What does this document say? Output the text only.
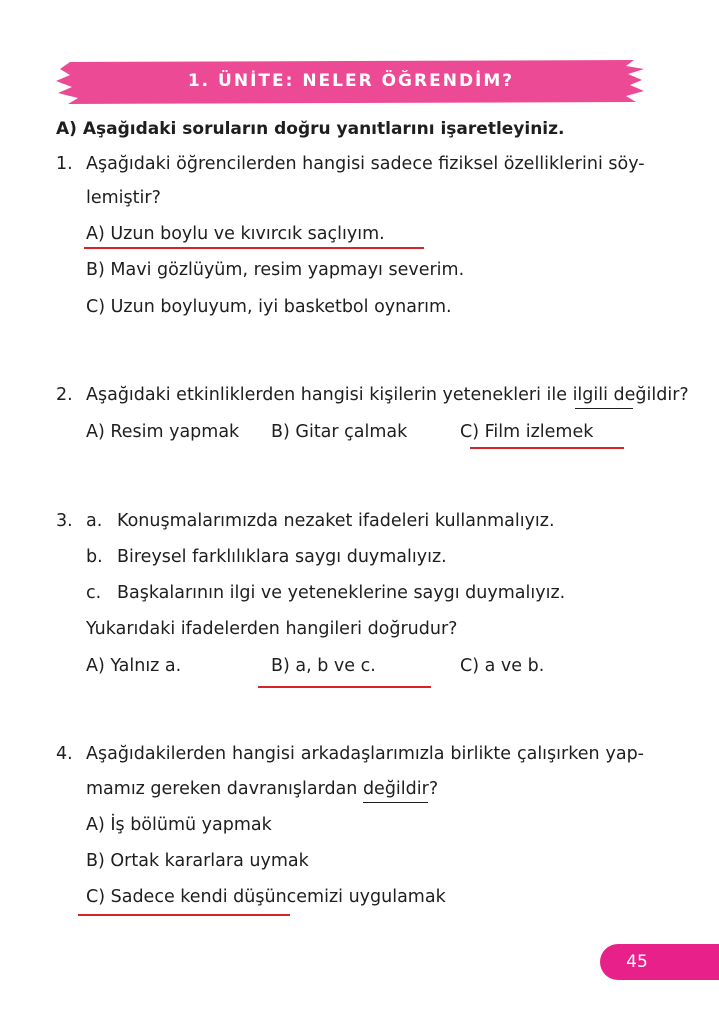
1. ÜNİTE: NELER ÖĞRENDİM?
A) Aşağıdaki soruların doğru yanıtlarını işaretleyiniz.
1. Aşağıdaki öğrencilerden hangisi sadece fiziksel özelliklerini söy-
lemiştir?
A) Uzun boylu ve kıvırcık saçlıyım.
B) Mavi gözlüyüm, resim yapmayı severim.
C) Uzun boyluyum, iyi basketbol oynarım.
2. Aşağıdaki etkinliklerden hangisi kişilerin yetenekleri ile ilgili değildir?
A) Resim yapmak B) Gitar çalmak	C) Film izlemek
3. a. Konuşmalarımızda nezaket ifadeleri kullanmalıyız.
b. Bireysel farklılıklara saygı duymalıyız.
c. Başkalarının ilgi ve yeteneklerine saygı duymalıyız.
Yukarıdaki ifadelerden hangileri doğrudur?
A) Yalnız a.	B) a, b ve c.	C) a ve b.
4. Aşağıdakilerden hangisi arkadaşlarımızla birlikte çalışırken yap-
mamız gereken davranışlardan değildir?
A) İş bölümü yapmak
B) Ortak kararlara uymak
C) Sadece kendi düşüncemizi uygulamak
45
